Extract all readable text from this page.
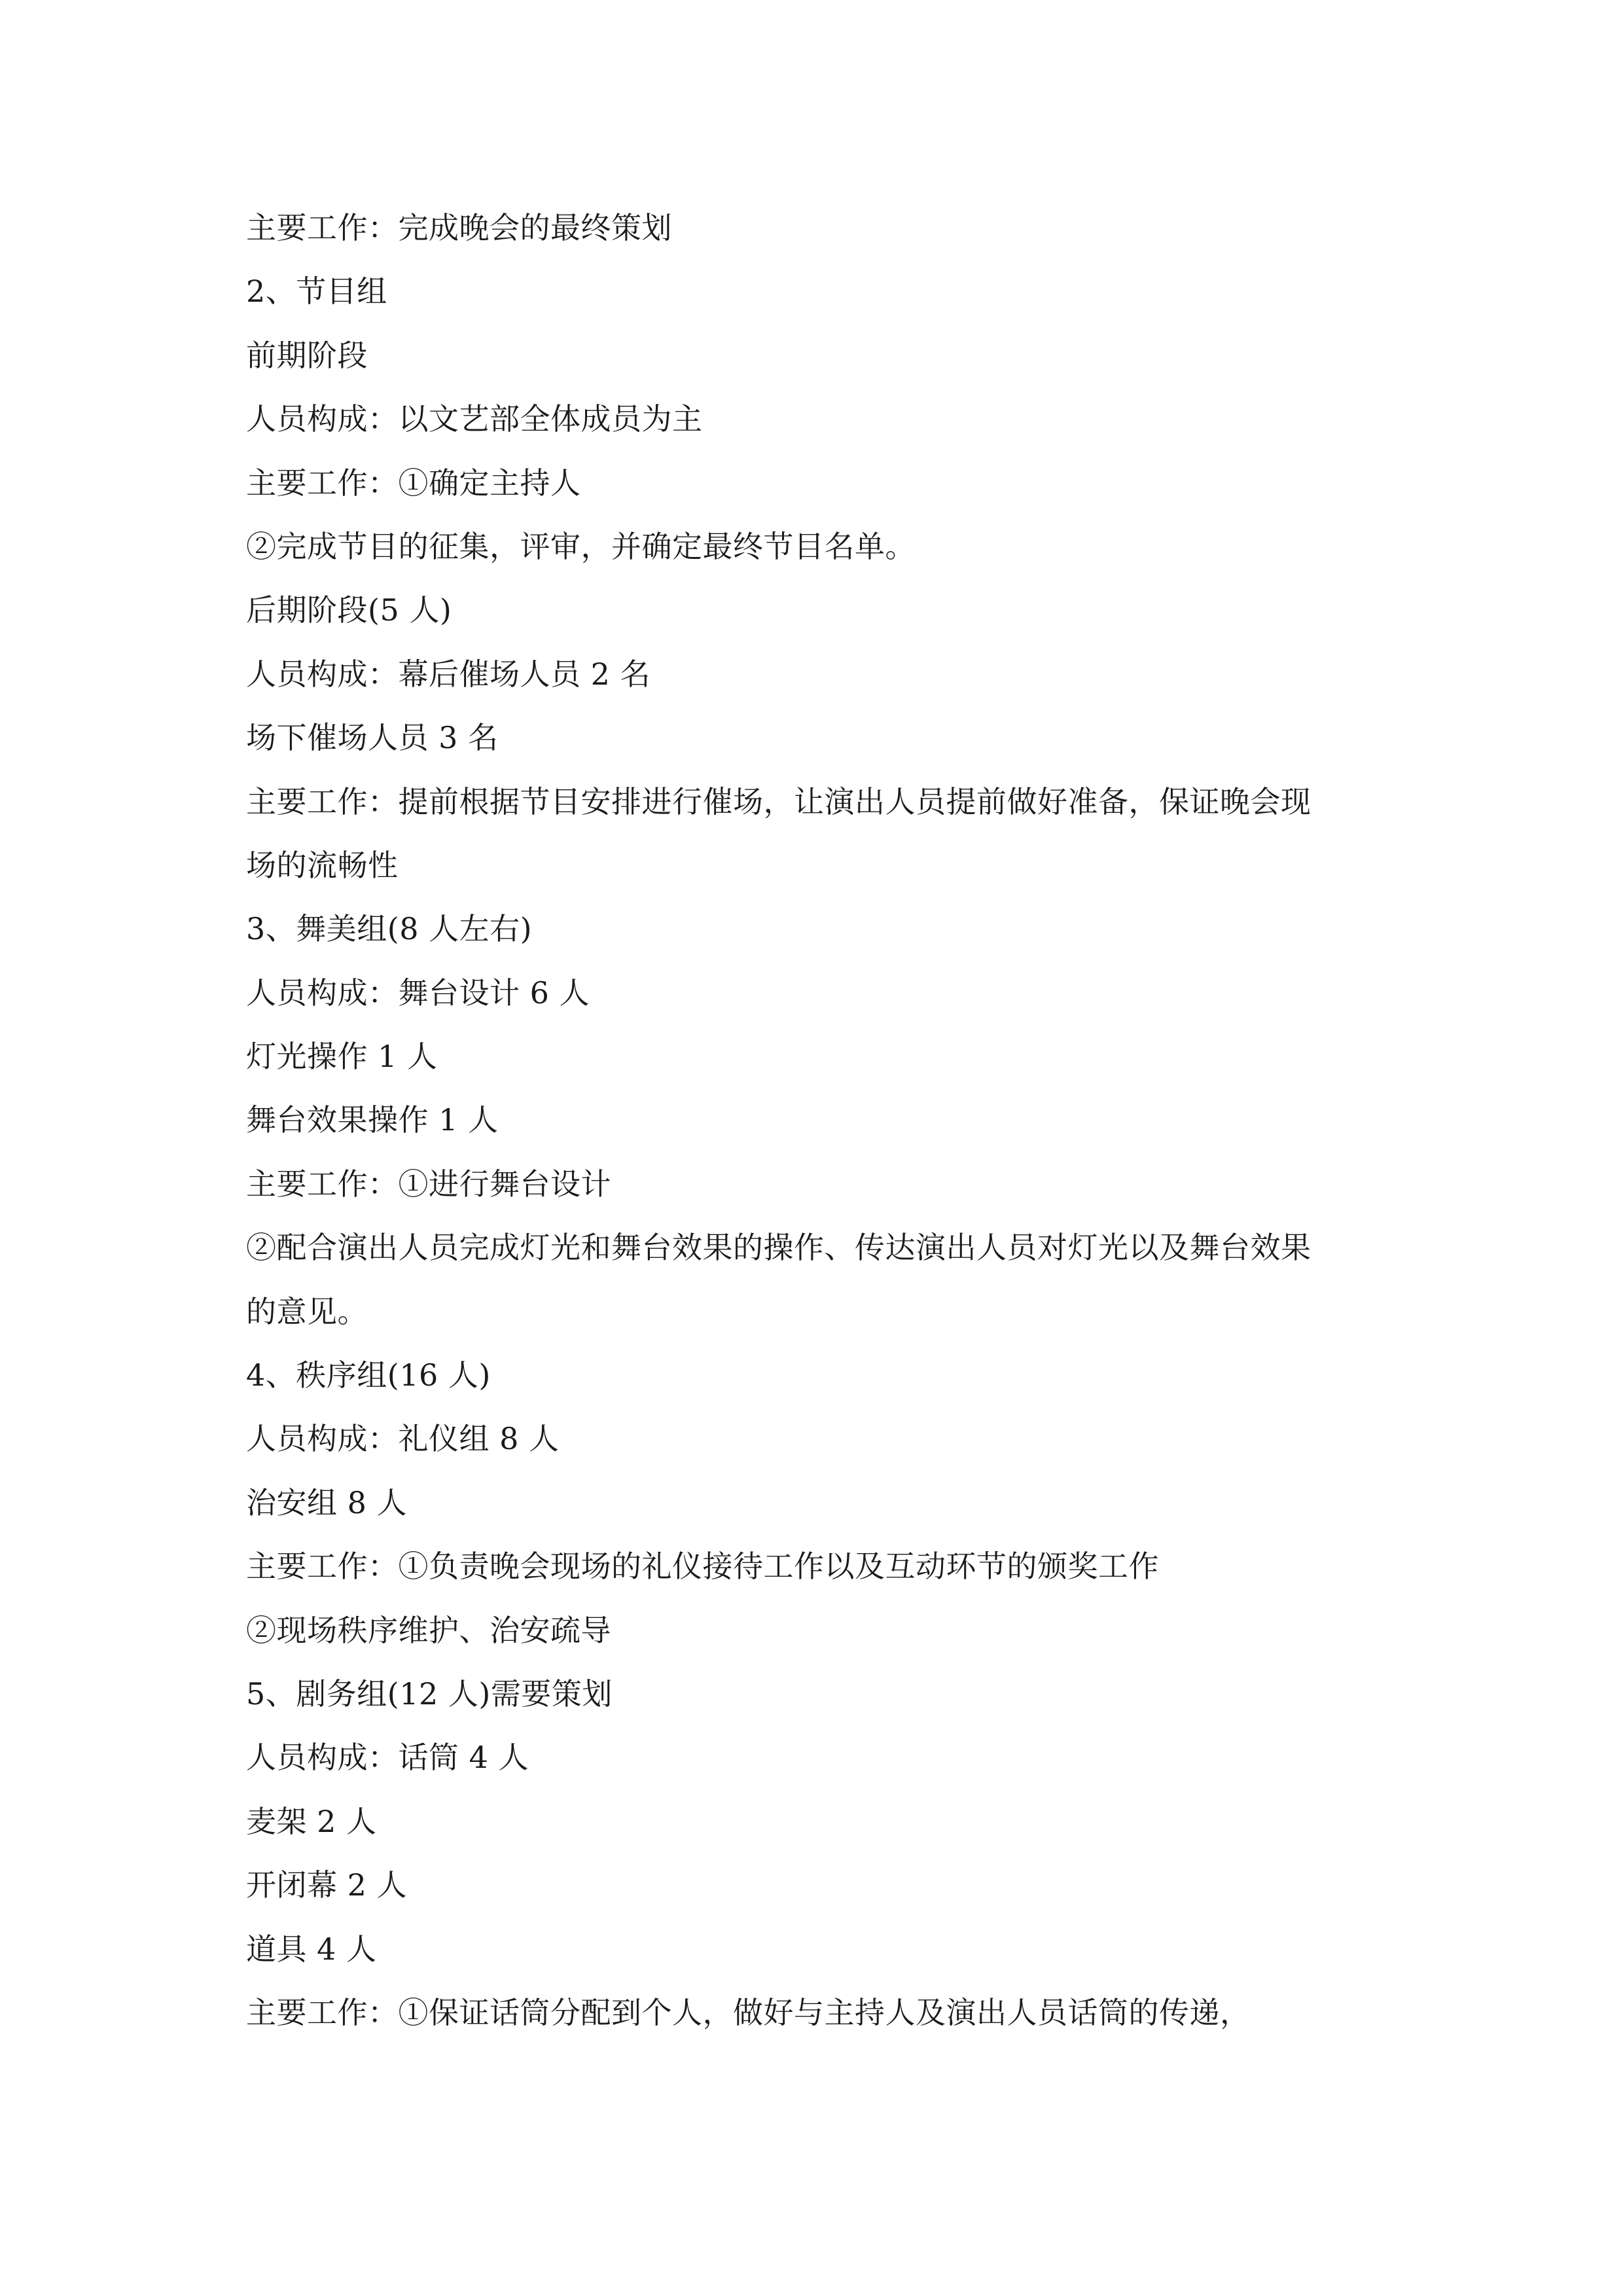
主要工作：完成晚会的最终策划
2、节目组
前期阶段
人员构成：以文艺部全体成员为主
主要工作：①确定主持人
②完成节目的征集，评审，并确定最终节目名单。
后期阶段(5 人)
人员构成：幕后催场人员 2 名
场下催场人员 3 名
主要工作：提前根据节目安排进行催场，让演出人员提前做好准备，保证晚会现
场的流畅性
3、舞美组(8 人左右)
人员构成：舞台设计 6 人
灯光操作 1 人
舞台效果操作 1 人
主要工作：①进行舞台设计
②配合演出人员完成灯光和舞台效果的操作、传达演出人员对灯光以及舞台效果
的意见。
4、秩序组(16 人)
人员构成：礼仪组 8 人
治安组 8 人
主要工作：①负责晚会现场的礼仪接待工作以及互动环节的颁奖工作
②现场秩序维护、治安疏导
5、剧务组(12 人)需要策划
人员构成：话筒 4 人
麦架 2 人
开闭幕 2 人
道具 4 人
主要工作：①保证话筒分配到个人，做好与主持人及演出人员话筒的传递，
